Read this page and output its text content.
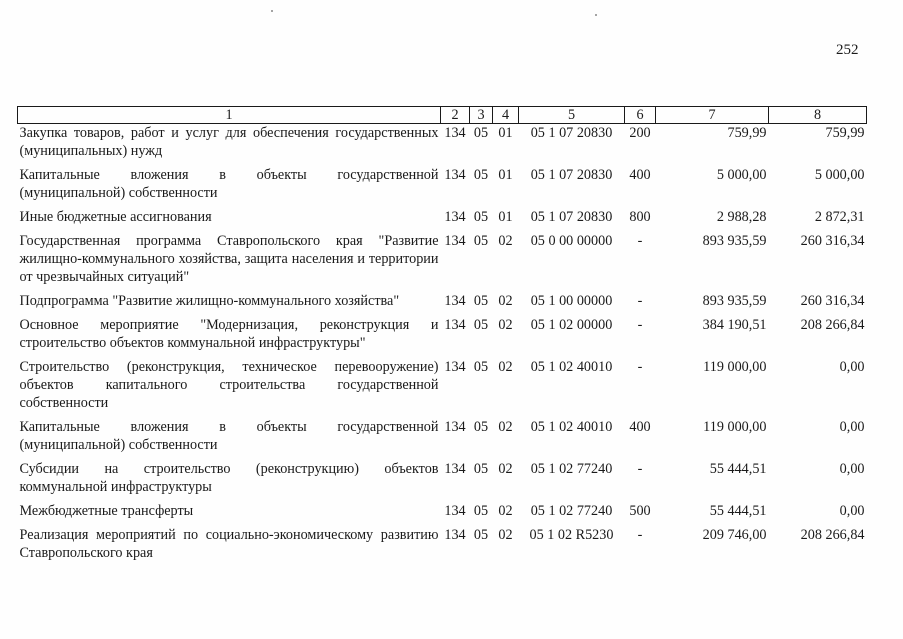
252
1	2	3	4	5	6	7	8
Закупка товаров, работ и услуг для обеспечения государственных (муниципальных) нужд	134	05	01	05 1 07 20830	200	759,99	759,99
Капитальные вложения в объекты государственной (муниципальной) собственности	134	05	01	05 1 07 20830	400	5 000,00	5 000,00
Иные бюджетные ассигнования	134	05	01	05 1 07 20830	800	2 988,28	2 872,31
Государственная программа Ставропольского края "Развитие жилищно-коммунального хозяйства, защита населения и территории от чрезвычайных ситуаций"	134	05	02	05 0 00 00000	-	893 935,59	260 316,34
Подпрограмма "Развитие жилищно-коммунального хозяйства"	134	05	02	05 1 00 00000	-	893 935,59	260 316,34
Основное мероприятие "Модернизация, реконструкция и строительство объектов коммунальной инфраструктуры"	134	05	02	05 1 02 00000	-	384 190,51	208 266,84
Строительство (реконструкция, техническое перевооружение) объектов капитального строительства государственной собственности	134	05	02	05 1 02 40010	-	119 000,00	0,00
Капитальные вложения в объекты государственной (муниципальной) собственности	134	05	02	05 1 02 40010	400	119 000,00	0,00
Субсидии на строительство (реконструкцию) объектов коммунальной инфраструктуры	134	05	02	05 1 02 77240	-	55 444,51	0,00
Межбюджетные трансферты	134	05	02	05 1 02 77240	500	55 444,51	0,00
Реализация мероприятий по социально-экономическому развитию Ставропольского края	134	05	02	05 1 02 R5230	-	209 746,00	208 266,84
